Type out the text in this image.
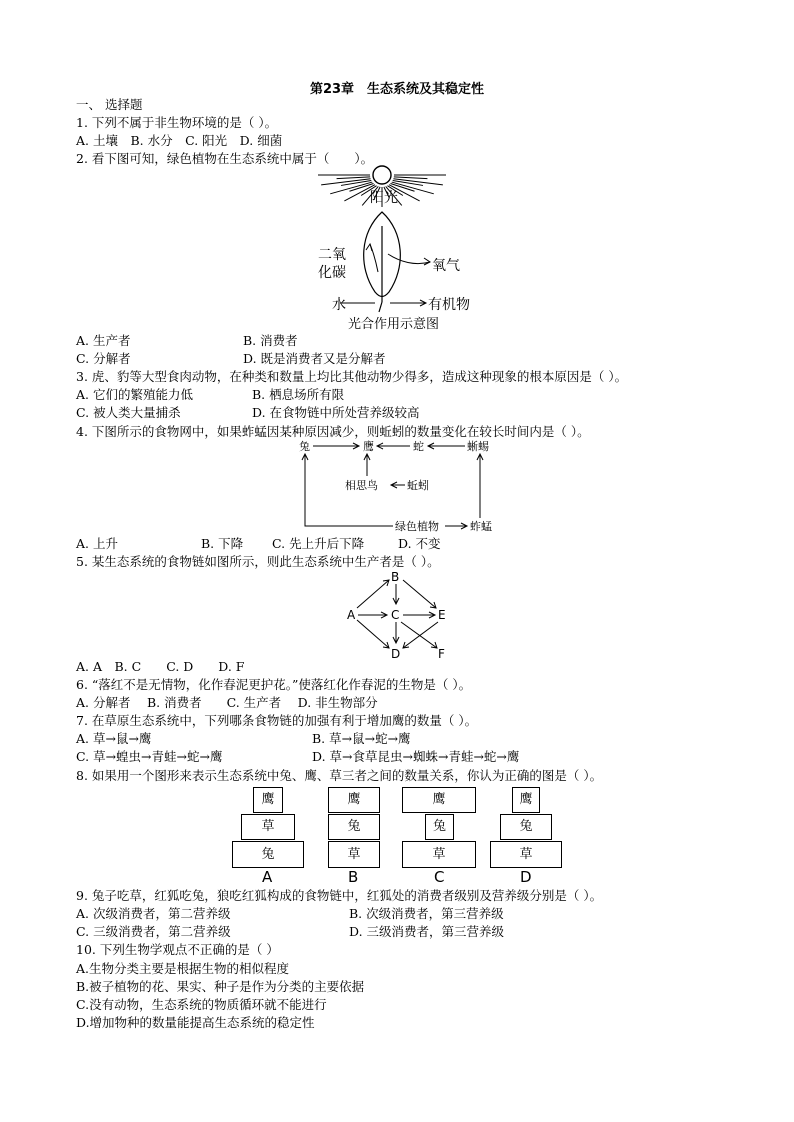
第23章　生态系统及其稳定性
一、 选择题
1. 下列不属于非生物环境的是（ ）。
A. 土壤　B. 水分　C. 阳光　D. 细菌
2. 看下图可知，绿色植物在生态系统中属于（　　）。
阳光
二氧
化碳	氧气
水	有机物
光合作用示意图
A. 生产者	B. 消费者
C. 分解者	D. 既是消费者又是分解者
3. 虎、豹等大型食肉动物，在种类和数量上均比其他动物少得多，造成这种现象的根本原因是（ ）。
A. 它们的繁殖能力低	B. 栖息场所有限
C. 被人类大量捕杀	D. 在食物链中所处营养级较高
4. 下图所示的食物网中，如果蚱蜢因某种原因减少，则蚯蚓的数量变化在较长时间内是（ ）。
兔	鹰	蛇	蜥蜴
相思鸟	蚯蚓
绿色植物	蚱蜢
A. 上升	B. 下降 C. 先上升后下降	D. 不变
5. 某生态系统的食物链如图所示，则此生态系统中生产者是（ ）。
B
A	C	E
D	F
A. A　B. C　　C. D　　D. F
6. “落红不是无情物，化作春泥更护花。”使落红化作春泥的生物是（ ）。
A. 分解者　 B. 消费者　　C. 生产者　 D. 非生物部分
7. 在草原生态系统中，下列哪条食物链的加强有利于增加鹰的数量（ ）。
A. 草→鼠→鹰	B. 草→鼠→蛇→鹰
C. 草→蝗虫→青蛙→蛇→鹰	D. 草→食草昆虫→蜘蛛→青蛙→蛇→鹰
8. 如果用一个图形来表示生态系统中兔、鹰、草三者之间的数量关系，你认为正确的图是（ ）。
鹰
草
兔
A
鹰
兔
草
B
鹰
兔
草
C
鹰
兔
草
D
9. 兔子吃草，红狐吃兔，狼吃红狐构成的食物链中，红狐处的消费者级别及营养级分别是（ ）。
A. 次级消费者，第二营养级	B. 次级消费者，第三营养级
C. 三级消费者，第二营养级	D. 三级消费者，第三营养级
10. 下列生物学观点不正确的是（ ）
A.生物分类主要是根据生物的相似程度
B.被子植物的花、果实、种子是作为分类的主要依据
C.没有动物，生态系统的物质循环就不能进行
D.增加物种的数量能提高生态系统的稳定性
